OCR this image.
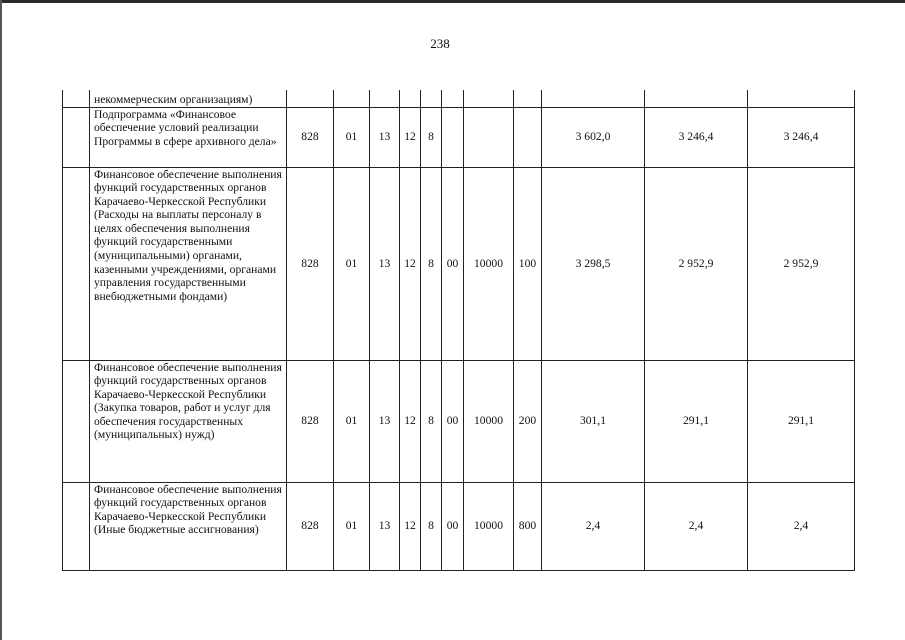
238
	некоммерческим организациям)											
	Подпрограмма «Финансовое обеспечение условий реализации Программы в сфере архивного дела»	828	01	13	12	8				3 602,0	3 246,4	3 246,4
	Финансовое обеспечение выполнения функций государственных органов Карачаево-Черкесской Республики (Расходы на выплаты персоналу в целях обеспечения выполнения функций государственными (муниципальными) органами, казенными учреждениями, органами управления государственными внебюджетными фондами)	828	01	13	12	8	00	10000	100	3 298,5	2 952,9	2 952,9
	Финансовое обеспечение выполнения функций государственных органов Карачаево-Черкесской Республики (Закупка товаров, работ и услуг для обеспечения государственных (муниципальных) нужд)	828	01	13	12	8	00	10000	200	301,1	291,1	291,1
	Финансовое обеспечение выполнения функций государственных органов Карачаево-Черкесской Республики (Иные бюджетные ассигнования)	828	01	13	12	8	00	10000	800	2,4	2,4	2,4
